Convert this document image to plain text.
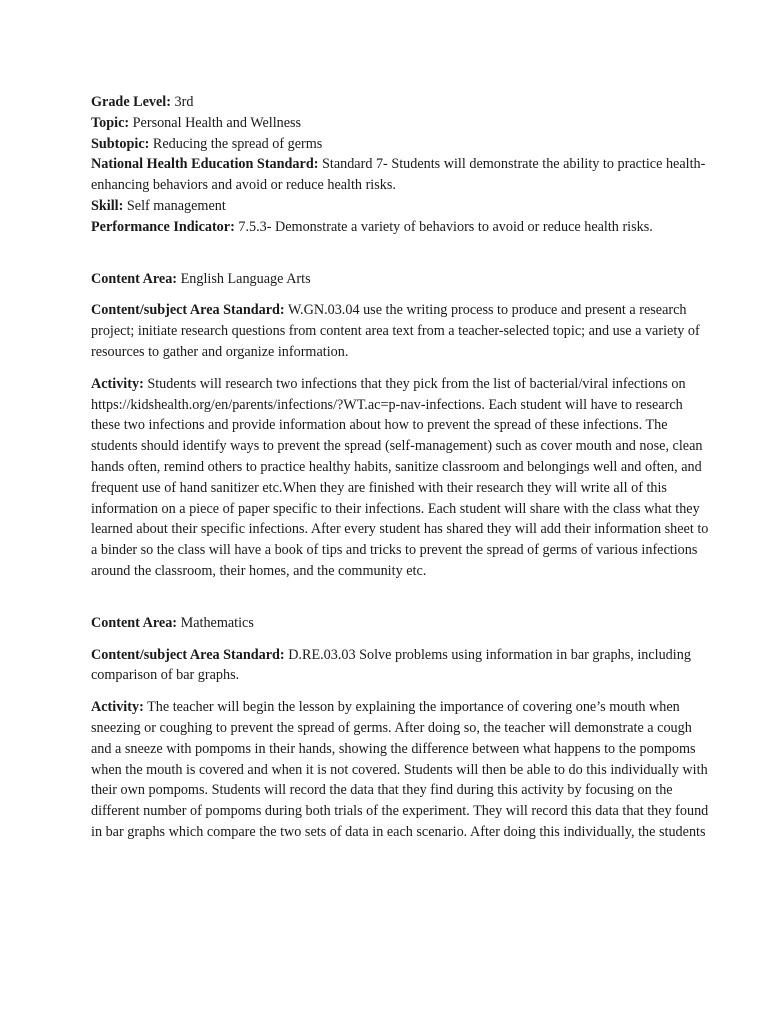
Grade Level: 3rd

Topic: Personal Health and Wellness

Subtopic: Reducing the spread of germs

National Health Education Standard: Standard 7- Students will demonstrate the ability to practice health-enhancing behaviors and avoid or reduce health risks.

Skill: Self management

Performance Indicator: 7.5.3- Demonstrate a variety of behaviors to avoid or reduce health risks.

Content Area: English Language Arts

Content/subject Area Standard: W.GN.03.04 use the writing process to produce and present a research project; initiate research questions from content area text from a teacher-selected topic; and use a variety of resources to gather and organize information.

Activity: Students will research two infections that they pick from the list of bacterial/viral infections on https://kidshealth.org/en/parents/infections/?WT.ac=p-nav-infections. Each student will have to research these two infections and provide information about how to prevent the spread of these infections. The students should identify ways to prevent the spread (self-management) such as cover mouth and nose, clean hands often, remind others to practice healthy habits, sanitize classroom and belongings well and often, and frequent use of hand sanitizer etc.When they are finished with their research they will write all of this information on a piece of paper specific to their infections. Each student will share with the class what they learned about their specific infections. After every student has shared they will add their information sheet to a binder so the class will have a book of tips and tricks to prevent the spread of germs of various infections around the classroom, their homes, and the community etc.

Content Area: Mathematics

Content/subject Area Standard: D.RE.03.03 Solve problems using information in bar graphs, including comparison of bar graphs.

Activity: The teacher will begin the lesson by explaining the importance of covering one’s mouth when sneezing or coughing to prevent the spread of germs. After doing so, the teacher will demonstrate a cough and a sneeze with pompoms in their hands, showing the difference between what happens to the pompoms when the mouth is covered and when it is not covered. Students will then be able to do this individually with their own pompoms. Students will record the data that they find during this activity by focusing on the different number of pompoms during both trials of the experiment. They will record this data that they found in bar graphs which compare the two sets of data in each scenario. After doing this individually, the students
